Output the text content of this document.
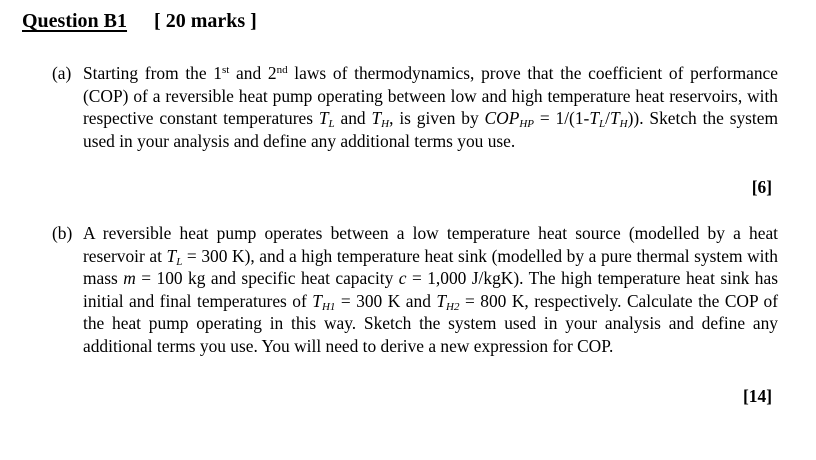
Question B1 [ 20 marks ]
(a) Starting from the 1st and 2nd laws of thermodynamics, prove that the coefficient of performance (COP) of a reversible heat pump operating between low and high temperature heat reservoirs, with respective constant temperatures $T_L$ and $T_H$, is given by $COP_{HP} = 1/(1-T_L/T_H)$). Sketch the system used in your analysis and define any additional terms you use.
[6]
(b) A reversible heat pump operates between a low temperature heat source (modelled by a heat reservoir at $T_L = 300$ K), and a high temperature heat sink (modelled by a pure thermal system with mass m = 100 kg and specific heat capacity c = 1,000 J/kgK). The high temperature heat sink has initial and final temperatures of $T_{H1} = 300$ K and $T_{H2} = 800$ K, respectively. Calculate the COP of the heat pump operating in this way. Sketch the system used in your analysis and define any additional terms you use. You will need to derive a new expression for COP.
[14]
